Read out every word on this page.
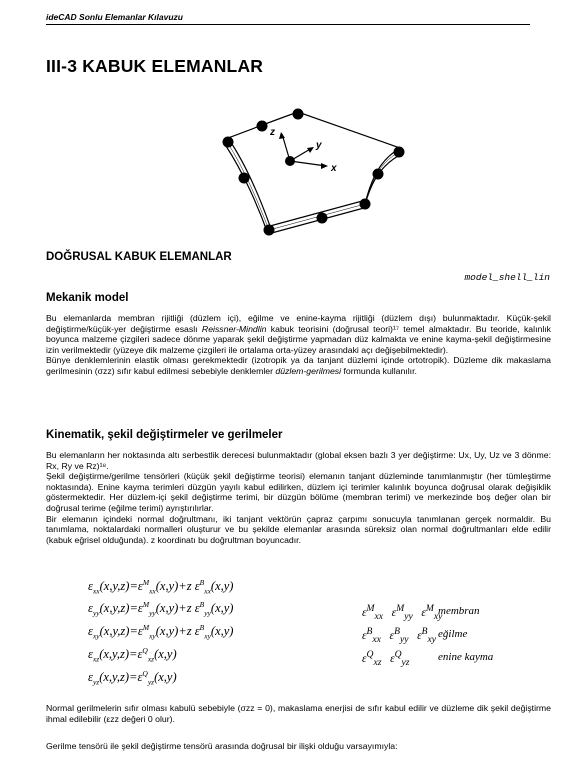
ideCAD Sonlu Elemanlar Kılavuzu
III-3 KABUK ELEMANLAR
x
y
z
DOĞRUSAL KABUK ELEMANLAR
model_shell_lin
Mekanik model

Bu elemanlarda membran rijitliği (düzlem içi), eğilme ve enine-kayma rijitliği (düzlem dışı) bulunmaktadır. Küçük-şekil değiştirme/küçük-yer değiştirme esaslı Reissner-Mindlin kabuk teorisini (doğrusal teori)¹⁷ temel almaktadır. Bu teoride, kalınlık boyunca malzeme çizgileri sadece dönme yaparak şekil değiştirme yapmadan düz kalmakta ve enine kayma-şekil değiştirmesine izin verilmektedir (yüzeye dik malzeme çizgileri ile ortalama orta-yüzey arasındaki açı değişebilmektedir).

Bünye denklemlerinin elastik olması gerekmektedir (izotropik ya da tanjant düzlemi içinde ortotropik). Düzleme dik makaslama gerilmesinin (σzz) sıfır kabul edilmesi sebebiyle denklemler düzlem-gerilmesi formunda kullanılır.

Kinematik, şekil değiştirmeler ve gerilmeler

Bu elemanların her noktasında altı serbestlik derecesi bulunmaktadır (global eksen bazlı 3 yer değiştirme: Ux, Uy, Uz ve 3 dönme: Rx, Ry ve Rz)¹⁸.

Şekil değiştirme/gerilme tensörleri (küçük şekil değiştirme teorisi) elemanın tanjant düzleminde tanımlanmıştır (her tümleştirme noktasında). Enine kayma terimleri düzgün yayılı kabul edilirken, düzlem içi terimler kalınlık boyunca doğrusal olarak değişiklik göstermektedir. Her düzlem-içi şekil değiştirme terimi, bir düzgün bölüme (membran terimi) ve merkezinde boş değer olan bir doğrusal terime (eğilme terimi) ayrıştırılırlar.

Bir elemanın içindeki normal doğrultmanı, iki tanjant vektörün çapraz çarpımı sonucuyla tanımlanan gerçek normaldir. Bu tanımlama, noktalardaki normalleri oluşturur ve bu şekilde elemanlar arasında süreksiz olan normal doğrultmanları elde edilir (kabuk eğrisel olduğunda). z koordinatı bu doğrultman boyuncadır.

$\varepsilon_{xx}(x,y,z)=\varepsilon^M_{xx}(x,y)+z$ $\varepsilon^B_{xx}(x,y)$
$\varepsilon_{yy}(x,y,z)=\varepsilon^M_{yy}(x,y)+z$ $\varepsilon^B_{yy}(x,y)$
$\varepsilon_{xy}(x,y,z)=\varepsilon^M_{xy}(x,y)+z$ $\varepsilon^B_{xy}(x,y)$
$\varepsilon_{xz}(x,y,z)=\varepsilon^Q_{xz}(x,y)$
$\varepsilon_{yz}(x,y,z)=\varepsilon^Q_{yz}(x,y)$
$\varepsilon^M_{xx}$   $\varepsilon^M_{yy}$   $\varepsilon^M_{xy}$
membran
$\varepsilon^B_{xx}$   $\varepsilon^B_{yy}$   $\varepsilon^B_{xy}$ eğilme
$\varepsilon^Q_{xz}$   $\varepsilon^Q_{yz}$	enine kayma
Normal gerilmelerin sıfır olması kabulü sebebiyle (σzz = 0), makaslama enerjisi de sıfır kabul edilir ve düzleme dik şekil değiştirme ihmal edilebilir (εzz değeri 0 olur).
Gerilme tensörü ile şekil değiştirme tensörü arasında doğrusal bir ilişki olduğu varsayımıyla:
